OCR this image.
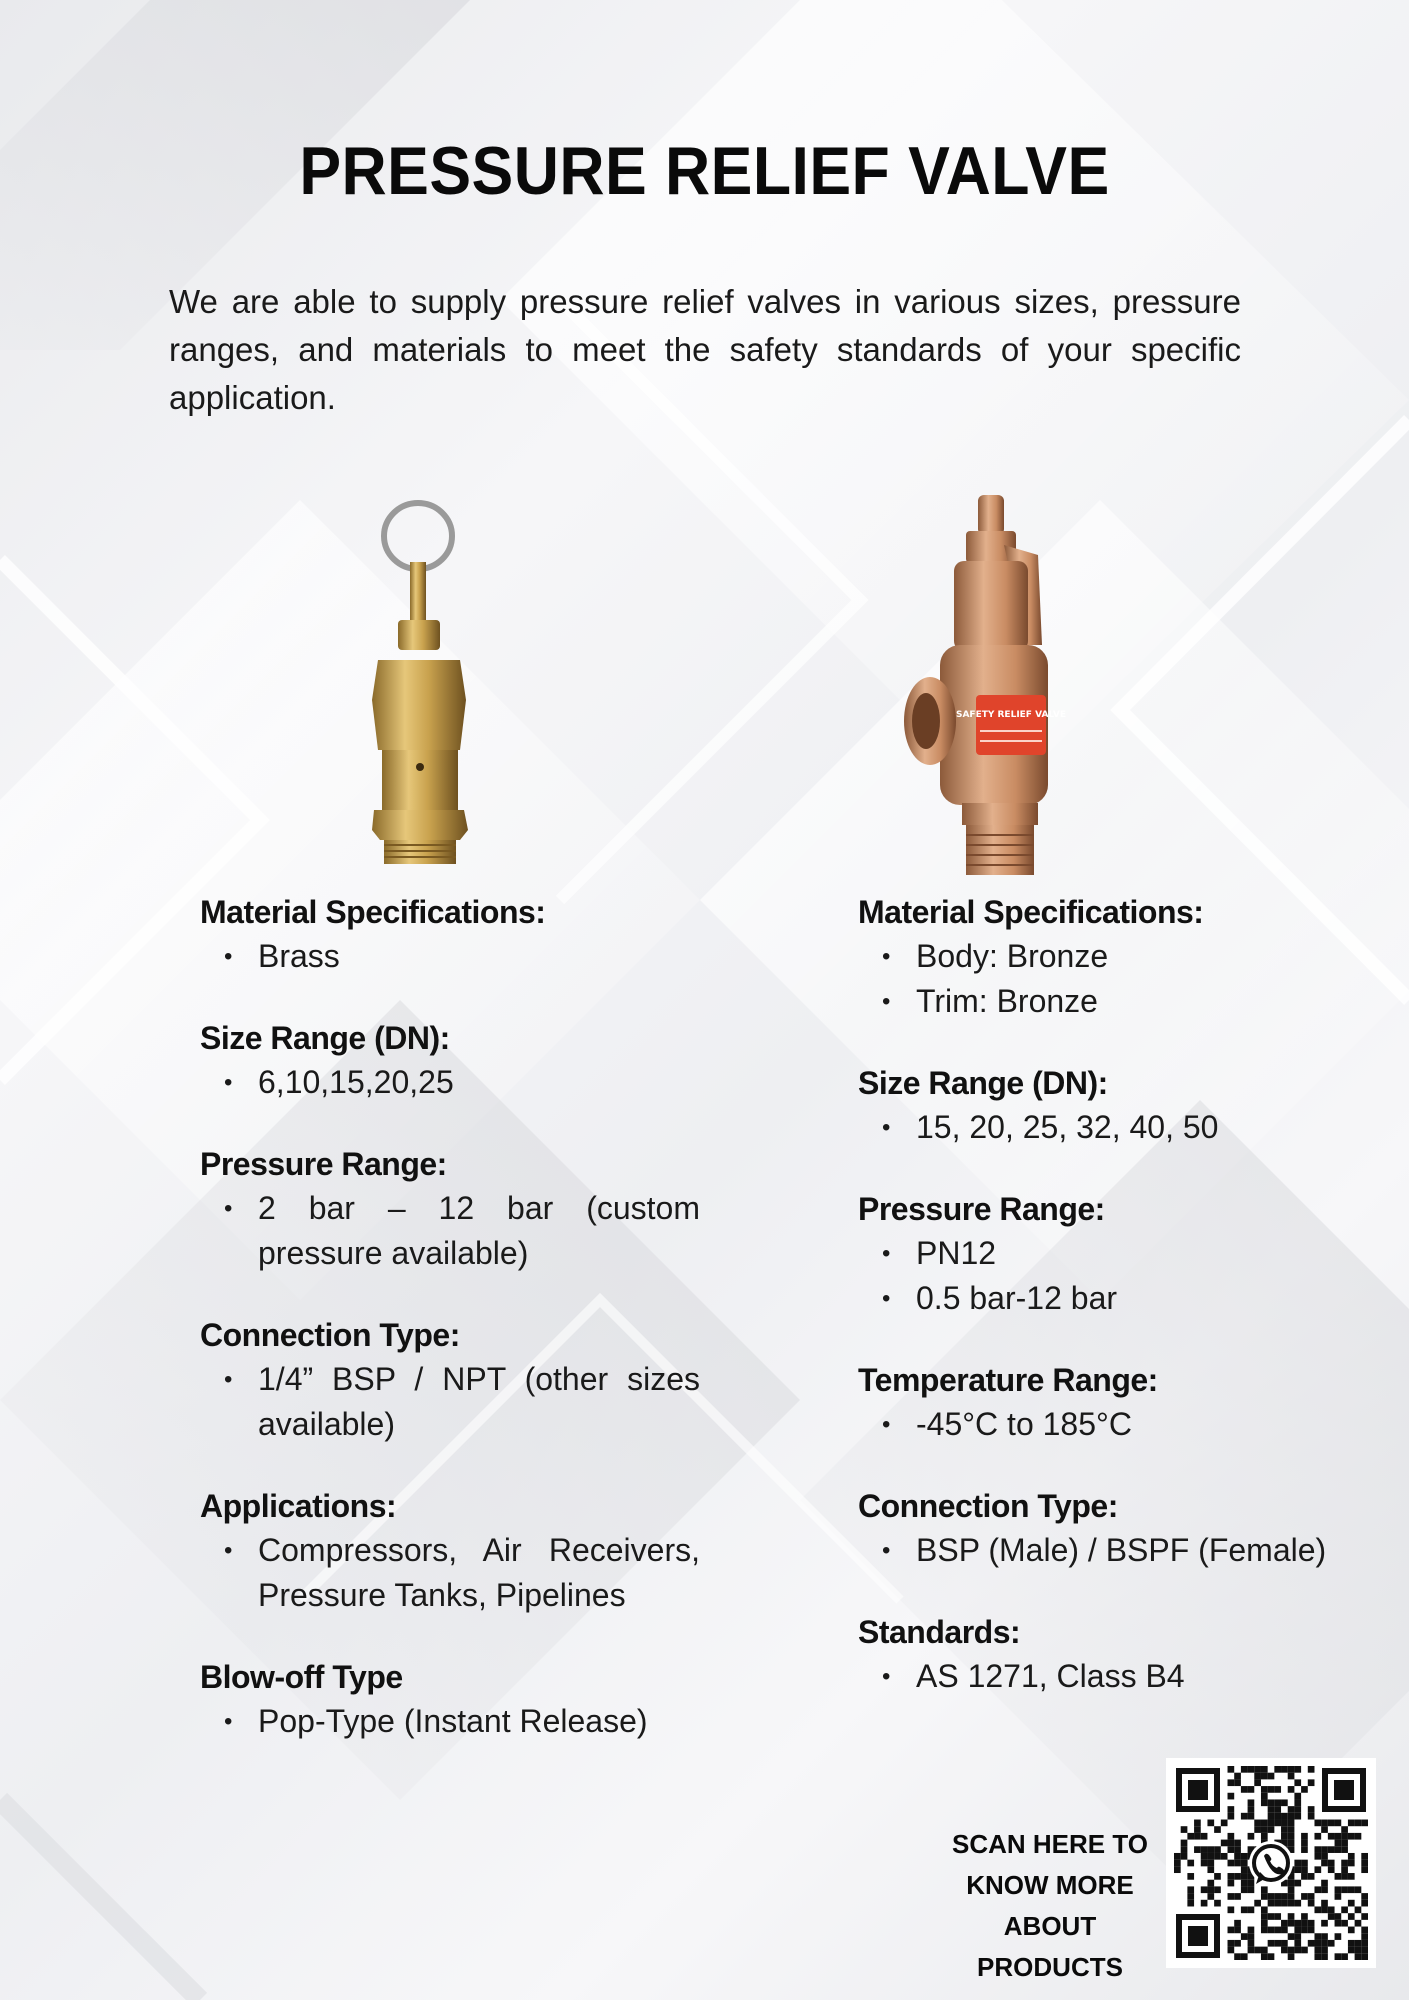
PRESSURE RELIEF VALVE
We are able to supply pressure relief valves in various sizes, pressure ranges, and materials to meet the safety standards of your specific application.
SAFETY RELIEF VALVE
Material Specifications:
• Brass
Size Range (DN):
• 6,10,15,20,25
Pressure Range:
• 2 bar – 12 bar (custom pressure available)
Connection Type:
• 1/4” BSP / NPT (other sizes available)
Applications:
• Compressors, Air Receivers, Pressure Tanks, Pipelines
Blow-off Type
• Pop-Type (Instant Release)
Material Specifications:
• Body: Bronze
• Trim: Bronze
Size Range (DN):
• 15, 20, 25, 32, 40, 50
Pressure Range:
• PN12
• 0.5 bar-12 bar
Temperature Range:
• -45°C to 185°C
Connection Type:
• BSP (Male) / BSPF (Female)
Standards:
• AS 1271, Class B4
SCAN HERE TO
KNOW MORE
ABOUT PRODUCTS
